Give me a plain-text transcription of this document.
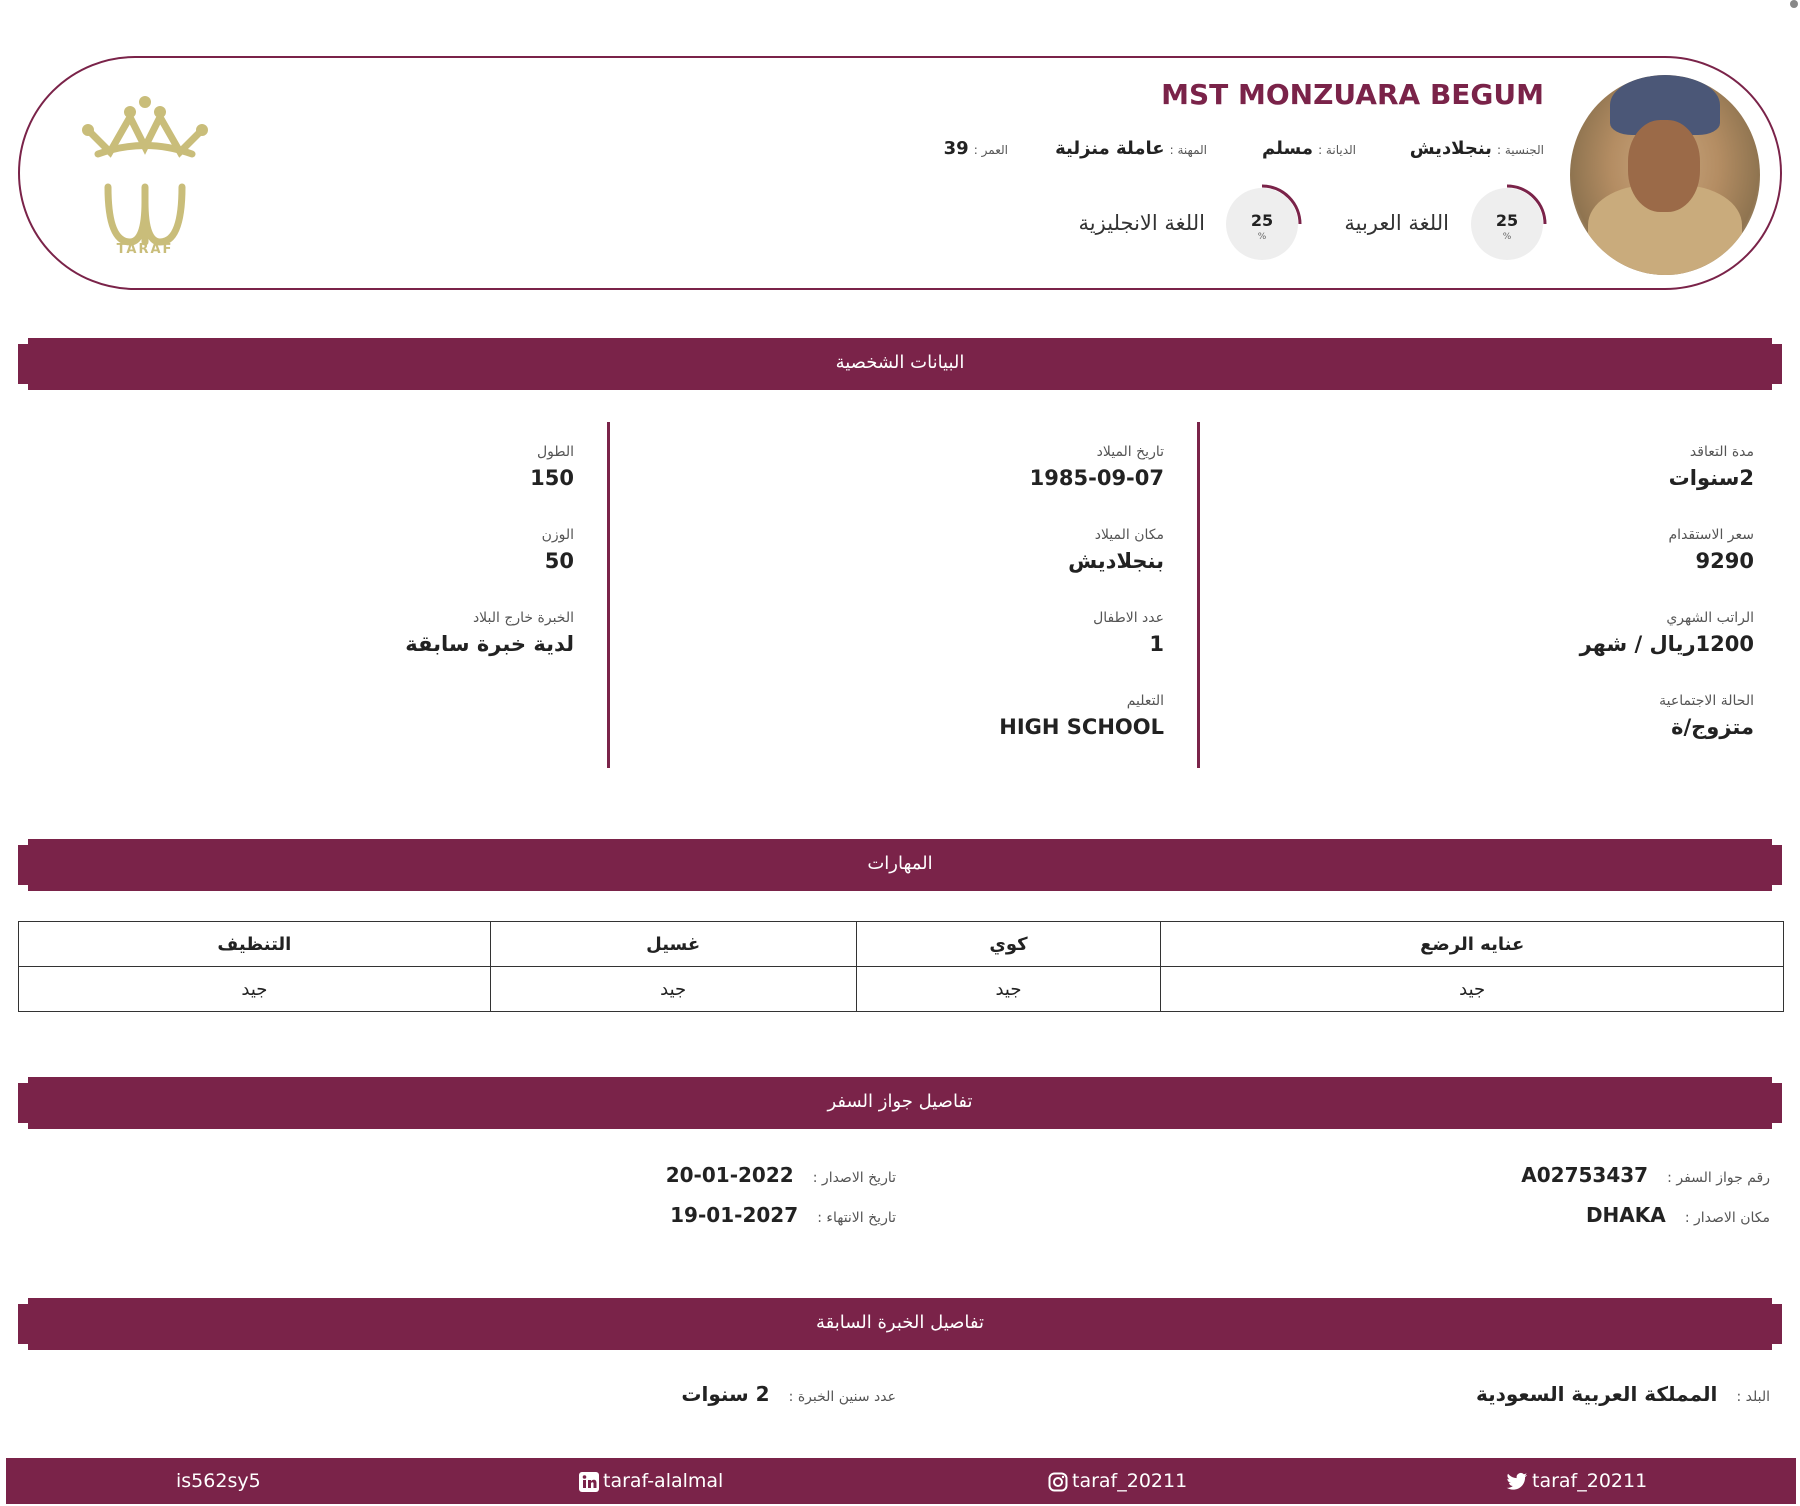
MST MONZUARA BEGUM
الجنسية : بنجلاديش
الديانة : مسلم
المهنة : عاملة منزلية
العمر : 39
25
%
اللغة العربية
25
%
اللغة الانجليزية
TARAF
البيانات الشخصية
مدة التعاقد
2سنوات
سعر الاستقدام
9290
الراتب الشهري
1200ريال / شهر
الحالة الاجتماعية
متزوج/ة
تاريخ الميلاد
1985-09-07
مكان الميلاد
بنجلاديش
عدد الاطفال
1
التعليم
HIGH SCHOOL
الطول
150
الوزن
50
الخبرة خارج البلاد
لدية خبرة سابقة
المهارات
عنايه الرضع	كوي	غسيل	التنظيف
جيد	جيد	جيد	جيد
تفاصيل جواز السفر
رقم جواز السفر : A02753437
مكان الاصدار : DHAKA
تاريخ الاصدار : 2022-01-20
تاريخ الانتهاء : 2027-01-19
تفاصيل الخبرة السابقة
البلد : المملكة العربية السعودية
عدد سنين الخبرة : 2 سنوات
is562sy5	taraf-alalmal	taraf_20211	taraf_20211
